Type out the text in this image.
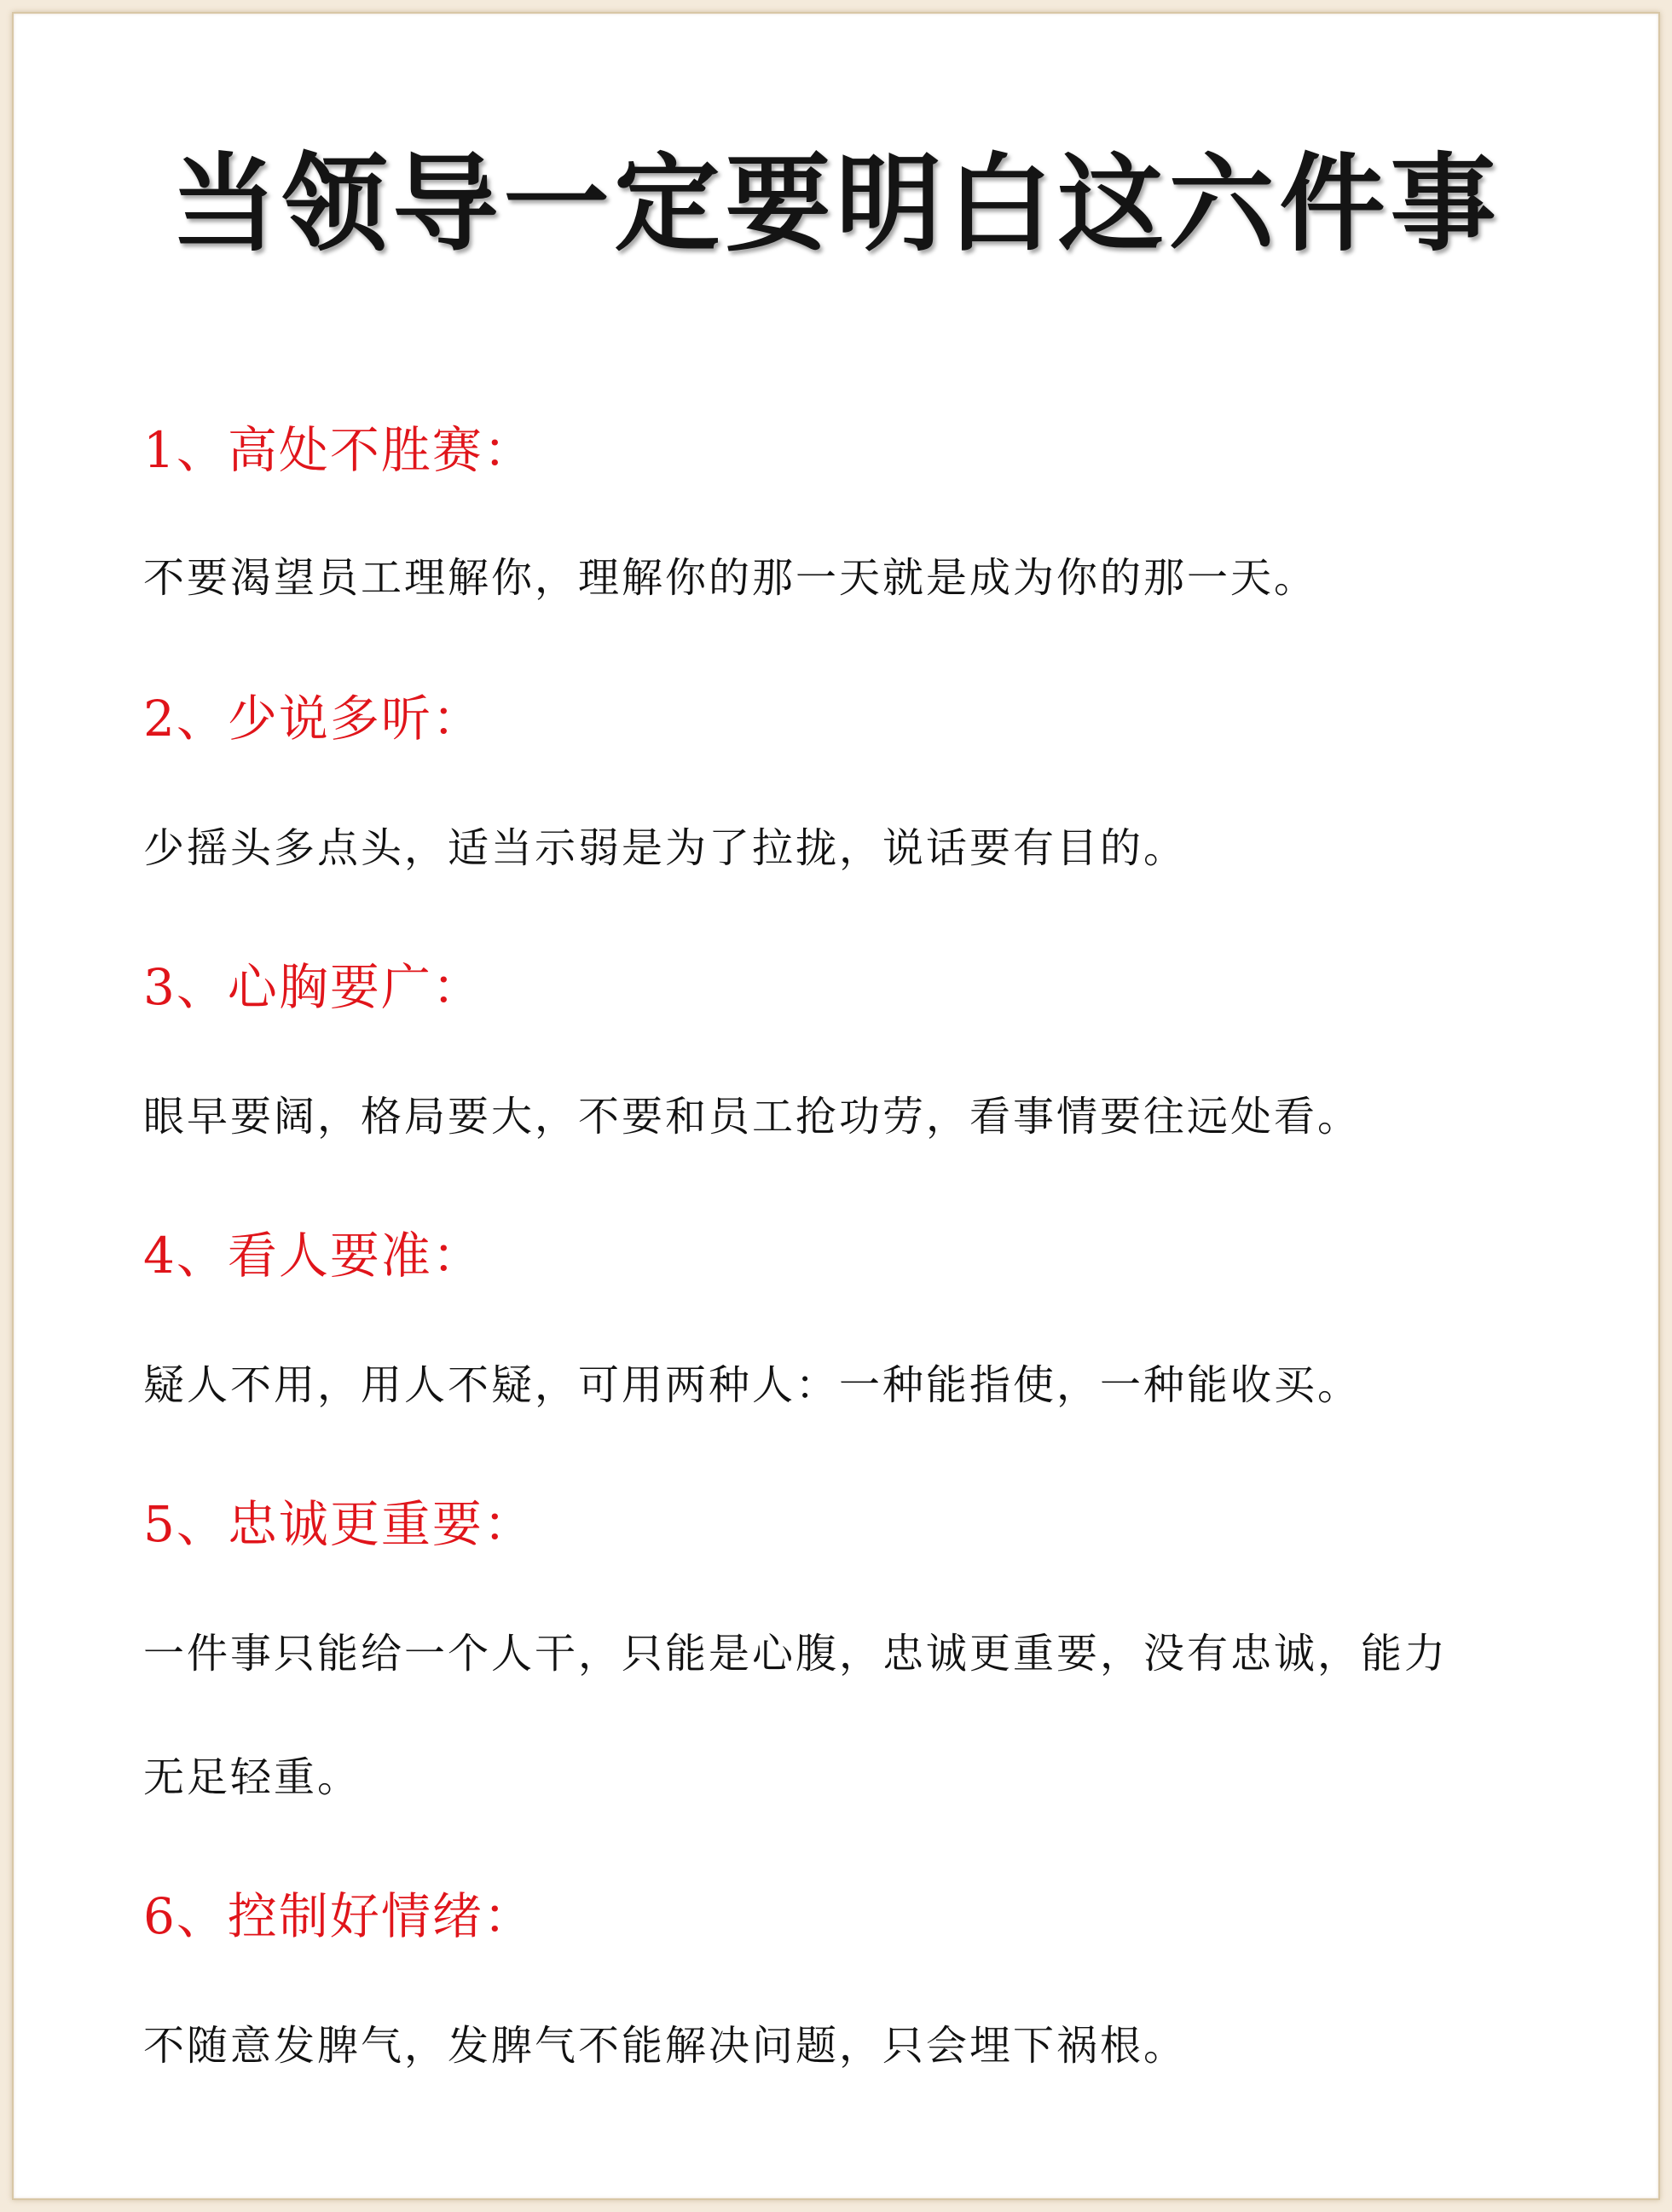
当领导一定要明白这六件事
1、高处不胜赛：

不要渴望员工理解你，理解你的那一天就是成为你的那一天。

2、少说多听：

少摇头多点头，适当示弱是为了拉拢，说话要有目的。

3、心胸要广：

眼早要阔，格局要大，不要和员工抢功劳，看事情要往远处看。

4、看人要准：

疑人不用，用人不疑，可用两种人：一种能指使，一种能收买。

5、忠诚更重要：

一件事只能给一个人干，只能是心腹，忠诚更重要，没有忠诚，能力

无足轻重。

6、控制好情绪：

不随意发脾气，发脾气不能解决问题，只会埋下祸根。
